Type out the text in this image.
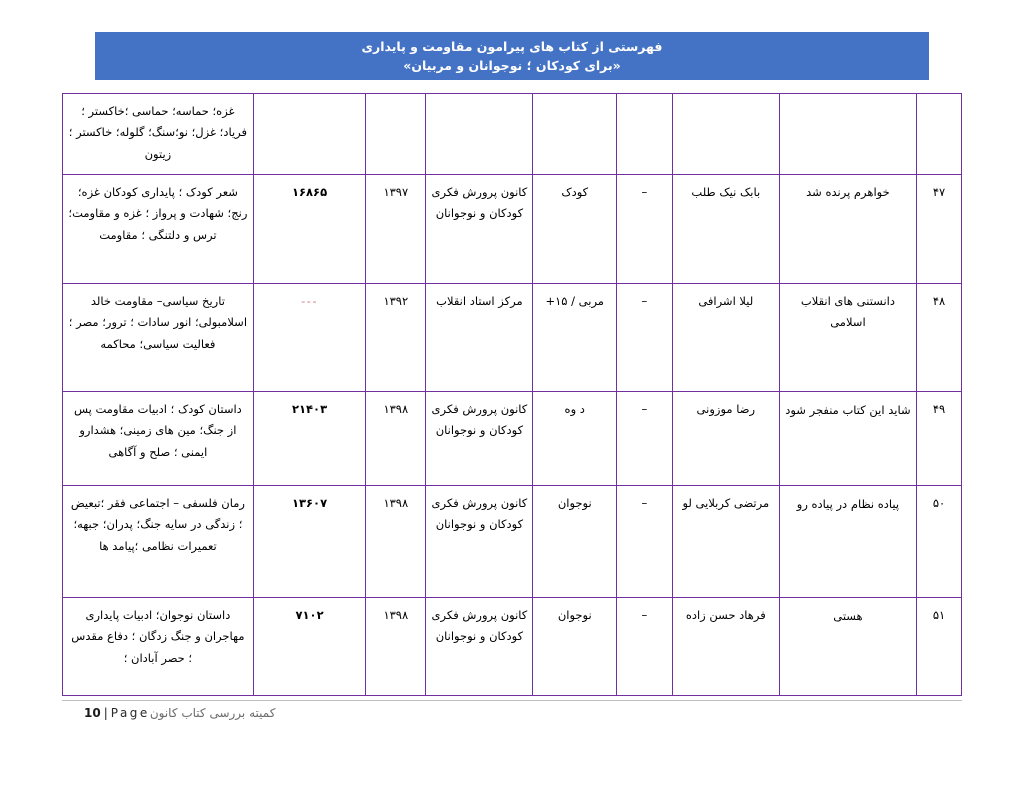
فهرستی از کتاب های پیرامون مقاومت و پایداری
«برای کودکان ؛ نوجوانان و مربیان»
								غزه؛ حماسه؛ حماسی ؛خاکستر ؛ فریاد؛ غزل؛ نو؛سنگ؛ گلوله؛ خاکستر ؛زیتون
۴۷	خواهرم پرنده شد	بابک نیک طلب	–	کودک	کانون پرورش فکری کودکان و نوجوانان	۱۳۹۷	۱۶۸۶۵	شعر کودک ؛ پایداری کودکان غزه؛ رنج؛ شهادت و پرواز ؛ غزه و مقاومت؛ ترس و دلتنگی ؛ مقاومت
۴۸	دانستنی های انقلاب اسلامی	لیلا اشرافی	–	مربی / ۱۵+	مرکز استاد انقلاب	۱۳۹۲	---	تاریخ سیاسی– مقاومت خالد اسلامبولی؛ انور سادات ؛ ترور؛ مصر ؛ فعالیت سیاسی؛ محاکمه
۴۹	شاید این کتاب منفجر شود	رضا موزونی	–	د وه	کانون پرورش فکری کودکان و نوجوانان	۱۳۹۸	۲۱۴۰۳	داستان کودک ؛ ادبیات مقاومت پس از جنگ؛ مین های زمینی؛ هشدارو ایمنی ؛ صلح و آگاهی
۵۰	پیاده نظام در پیاده رو	مرتضی کربلایی لو	–	نوجوان	کانون پرورش فکری کودکان و نوجوانان	۱۳۹۸	۱۳۶۰۷	رمان فلسفی – اجتماعی فقر ؛تبعیض ؛ زندگی در سایه جنگ؛ پدران؛ جبهه؛ تعمیرات نظامی ؛پیامد ها
۵۱	هستی	فرهاد حسن زاده	–	نوجوان	کانون پرورش فکری کودکان و نوجوانان	۱۳۹۸	۷۱۰۲	داستان نوجوان؛ ادبیات پایداری مهاجران و جنگ زدگان ؛ دفاع مقدس ؛ حصر آبادان ؛
10 | Page کمیته بررسی کتاب کانون
